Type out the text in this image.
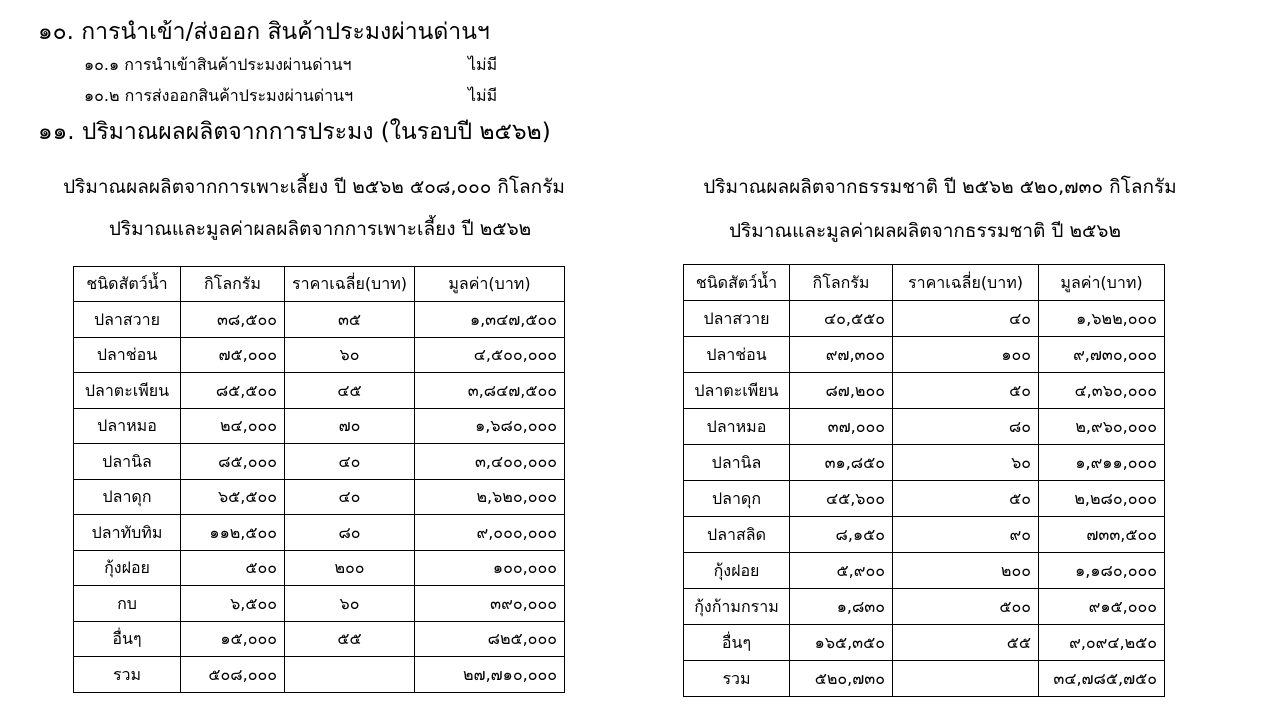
๑๐. การนำเข้า/ส่งออก สินค้าประมงผ่านด่านฯ
๑๐.๑ การนำเข้าสินค้าประมงผ่านด่านฯ	ไม่มี
๑๐.๒ การส่งออกสินค้าประมงผ่านด่านฯ	ไม่มี
๑๑. ปริมาณผลผลิตจากการประมง (ในรอบปี ๒๕๖๒)
ปริมาณผลผลิตจากการเพาะเลี้ยง ปี ๒๕๖๒ ๕๐๘,๐๐๐ กิโลกรัม
ปริมาณและมูลค่าผลผลิตจากการเพาะเลี้ยง ปี ๒๕๖๒
ปริมาณผลผลิตจากธรรมชาติ ปี ๒๕๖๒ ๕๒๐,๗๓๐ กิโลกรัม
ปริมาณและมูลค่าผลผลิตจากธรรมชาติ ปี ๒๕๖๒
ชนิดสัตว์น้ำ	กิโลกรัม	ราคาเฉลี่ย(บาท)	มูลค่า(บาท)
ปลาสวาย	๓๘,๕๐๐	๓๕	๑,๓๔๗,๕๐๐
ปลาช่อน	๗๕,๐๐๐	๖๐	๔,๕๐๐,๐๐๐
ปลาตะเพียน	๘๕,๕๐๐	๔๕	๓,๘๔๗,๕๐๐
ปลาหมอ	๒๔,๐๐๐	๗๐	๑,๖๘๐,๐๐๐
ปลานิล	๘๕,๐๐๐	๔๐	๓,๔๐๐,๐๐๐
ปลาดุก	๖๕,๕๐๐	๔๐	๒,๖๒๐,๐๐๐
ปลาทับทิม	๑๑๒,๕๐๐	๘๐	๙,๐๐๐,๐๐๐
กุ้งฝอย	๕๐๐	๒๐๐	๑๐๐,๐๐๐
กบ	๖,๕๐๐	๖๐	๓๙๐,๐๐๐
อื่นๆ	๑๕,๐๐๐	๕๕	๘๒๕,๐๐๐
รวม	๕๐๘,๐๐๐		๒๗,๗๑๐,๐๐๐
ชนิดสัตว์น้ำ	กิโลกรัม	ราคาเฉลี่ย(บาท)	มูลค่า(บาท)
ปลาสวาย	๔๐,๕๕๐	๔๐	๑,๖๒๒,๐๐๐
ปลาช่อน	๙๗,๓๐๐	๑๐๐	๙,๗๓๐,๐๐๐
ปลาตะเพียน	๘๗,๒๐๐	๕๐	๔,๓๖๐,๐๐๐
ปลาหมอ	๓๗,๐๐๐	๘๐	๒,๙๖๐,๐๐๐
ปลานิล	๓๑,๘๕๐	๖๐	๑,๙๑๑,๐๐๐
ปลาดุก	๔๕,๖๐๐	๕๐	๒,๒๘๐,๐๐๐
ปลาสลิด	๘,๑๕๐	๙๐	๗๓๓,๕๐๐
กุ้งฝอย	๕,๙๐๐	๒๐๐	๑,๑๘๐,๐๐๐
กุ้งก้ามกราม	๑,๘๓๐	๕๐๐	๙๑๕,๐๐๐
อื่นๆ	๑๖๕,๓๕๐	๕๕	๙,๐๙๔,๒๕๐
รวม	๕๒๐,๗๓๐		๓๔,๗๘๕,๗๕๐
